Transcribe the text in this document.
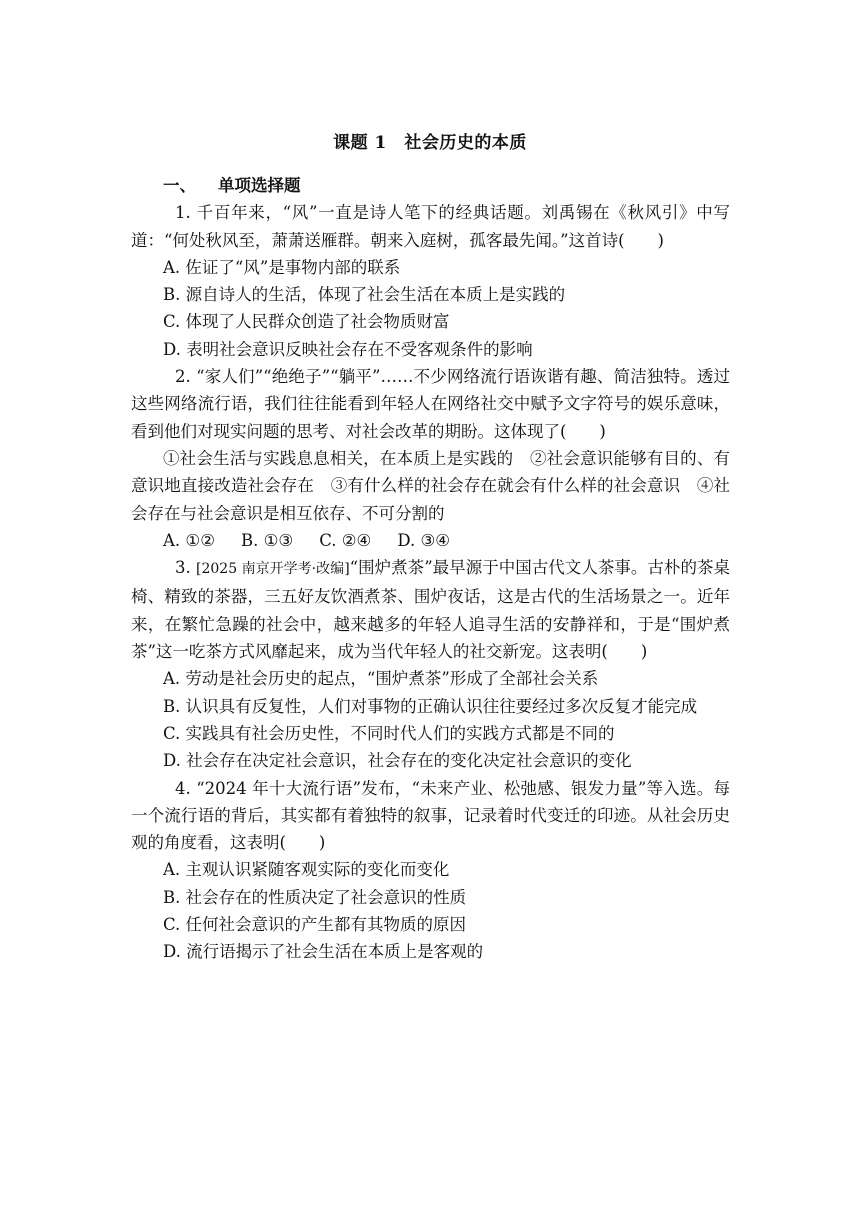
课题 1　社会历史的本质

一、 单项选择题

1. 千百年来，“风”一直是诗人笔下的经典话题。刘禹锡在《秋风引》中写道：“何处秋风至，萧萧送雁群。朝来入庭树，孤客最先闻。”这首诗(　　)

A. 佐证了“风”是事物内部的联系

B. 源自诗人的生活，体现了社会生活在本质上是实践的

C. 体现了人民群众创造了社会物质财富

D. 表明社会意识反映社会存在不受客观条件的影响

2. “家人们”“绝绝子”“躺平”……不少网络流行语诙谐有趣、简洁独特。透过这些网络流行语，我们往往能看到年轻人在网络社交中赋予文字符号的娱乐意味，看到他们对现实问题的思考、对社会改革的期盼。这体现了(　　)

①社会生活与实践息息相关，在本质上是实践的　②社会意识能够有目的、有意识地直接改造社会存在　③有什么样的社会存在就会有什么样的社会意识　④社会存在与社会意识是相互依存、不可分割的

A. ①② B. ①③ C. ②④ D. ③④

3. [2025 南京开学考·改编]“围炉煮茶”最早源于中国古代文人茶事。古朴的茶桌椅、精致的茶器，三五好友饮酒煮茶、围炉夜话，这是古代的生活场景之一。近年来，在繁忙急躁的社会中，越来越多的年轻人追寻生活的安静祥和，于是“围炉煮茶”这一吃茶方式风靡起来，成为当代年轻人的社交新宠。这表明(　　)

A. 劳动是社会历史的起点，“围炉煮茶”形成了全部社会关系

B. 认识具有反复性，人们对事物的正确认识往往要经过多次反复才能完成

C. 实践具有社会历史性，不同时代人们的实践方式都是不同的

D. 社会存在决定社会意识，社会存在的变化决定社会意识的变化

4. “2024 年十大流行语”发布，“未来产业、松弛感、银发力量”等入选。每一个流行语的背后，其实都有着独特的叙事，记录着时代变迁的印迹。从社会历史观的角度看，这表明(　　)

A. 主观认识紧随客观实际的变化而变化

B. 社会存在的性质决定了社会意识的性质

C. 任何社会意识的产生都有其物质的原因

D. 流行语揭示了社会生活在本质上是客观的
